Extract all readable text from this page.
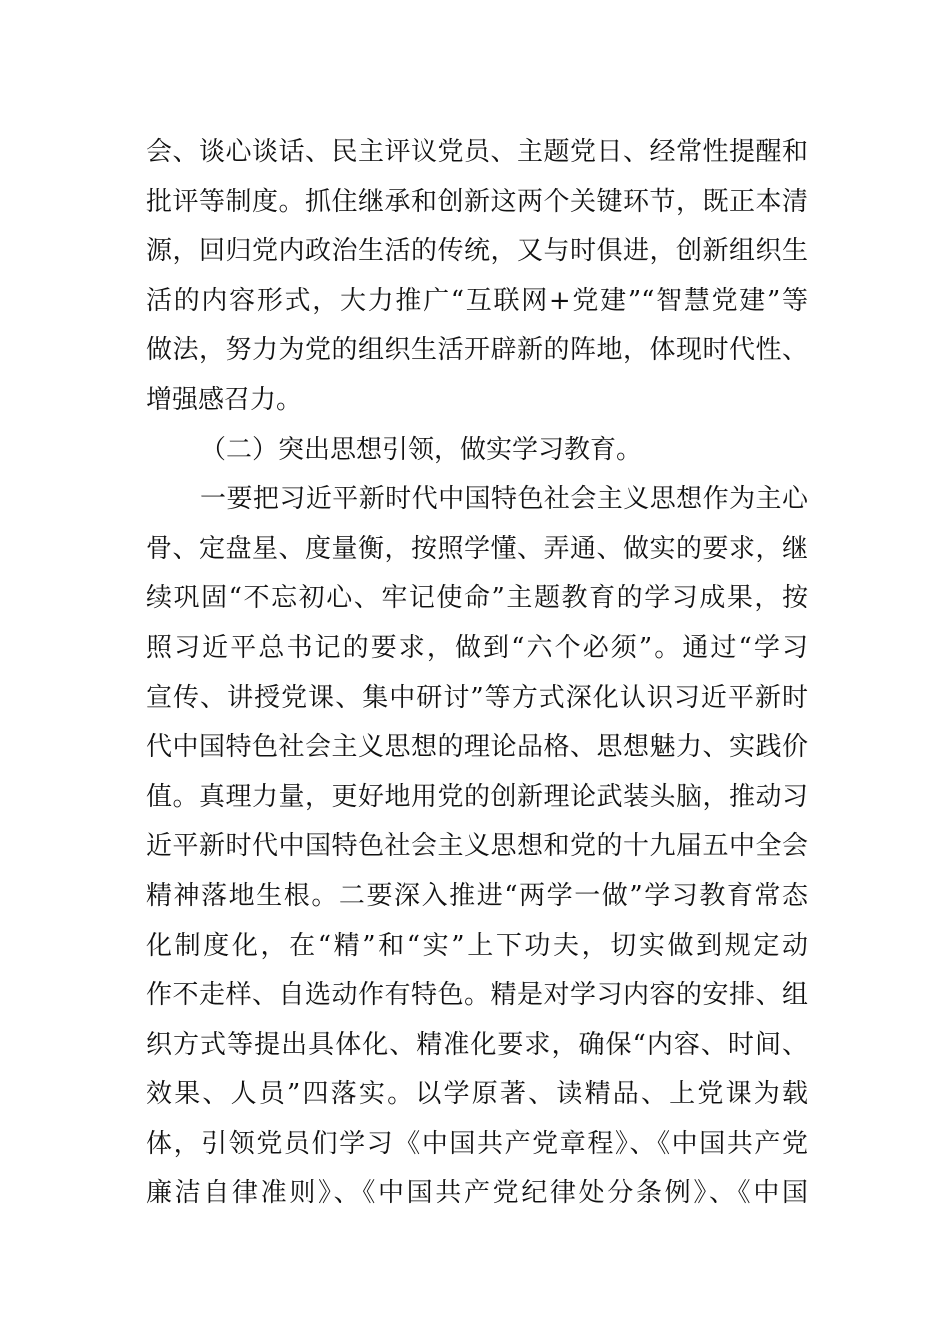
会、谈心谈话、民主评议党员、主题党日、经常性提醒和
批评等制度。抓住继承和创新这两个关键环节，既正本清
源，回归党内政治生活的传统，又与时俱进，创新组织生
活的内容形式，大力推广“互联网+党建”“智慧党建”等
做法，努力为党的组织生活开辟新的阵地，体现时代性、
增强感召力。
（二）突出思想引领，做实学习教育。
一要把习近平新时代中国特色社会主义思想作为主心
骨、定盘星、度量衡，按照学懂、弄通、做实的要求，继
续巩固“不忘初心、牢记使命”主题教育的学习成果，按
照习近平总书记的要求，做到“六个必须”。通过“学习
宣传、讲授党课、集中研讨”等方式深化认识习近平新时
代中国特色社会主义思想的理论品格、思想魅力、实践价
值。真理力量，更好地用党的创新理论武装头脑，推动习
近平新时代中国特色社会主义思想和党的十九届五中全会
精神落地生根。二要深入推进“两学一做”学习教育常态
化制度化，在“精”和“实”上下功夫，切实做到规定动
作不走样、自选动作有特色。精是对学习内容的安排、组
织方式等提出具体化、精准化要求，确保“内容、时间、
效果、人员”四落实。以学原著、读精品、上党课为载
体，引领党员们学习《中国共产党章程》、《中国共产党
廉洁自律准则》、《中国共产党纪律处分条例》、《中国
